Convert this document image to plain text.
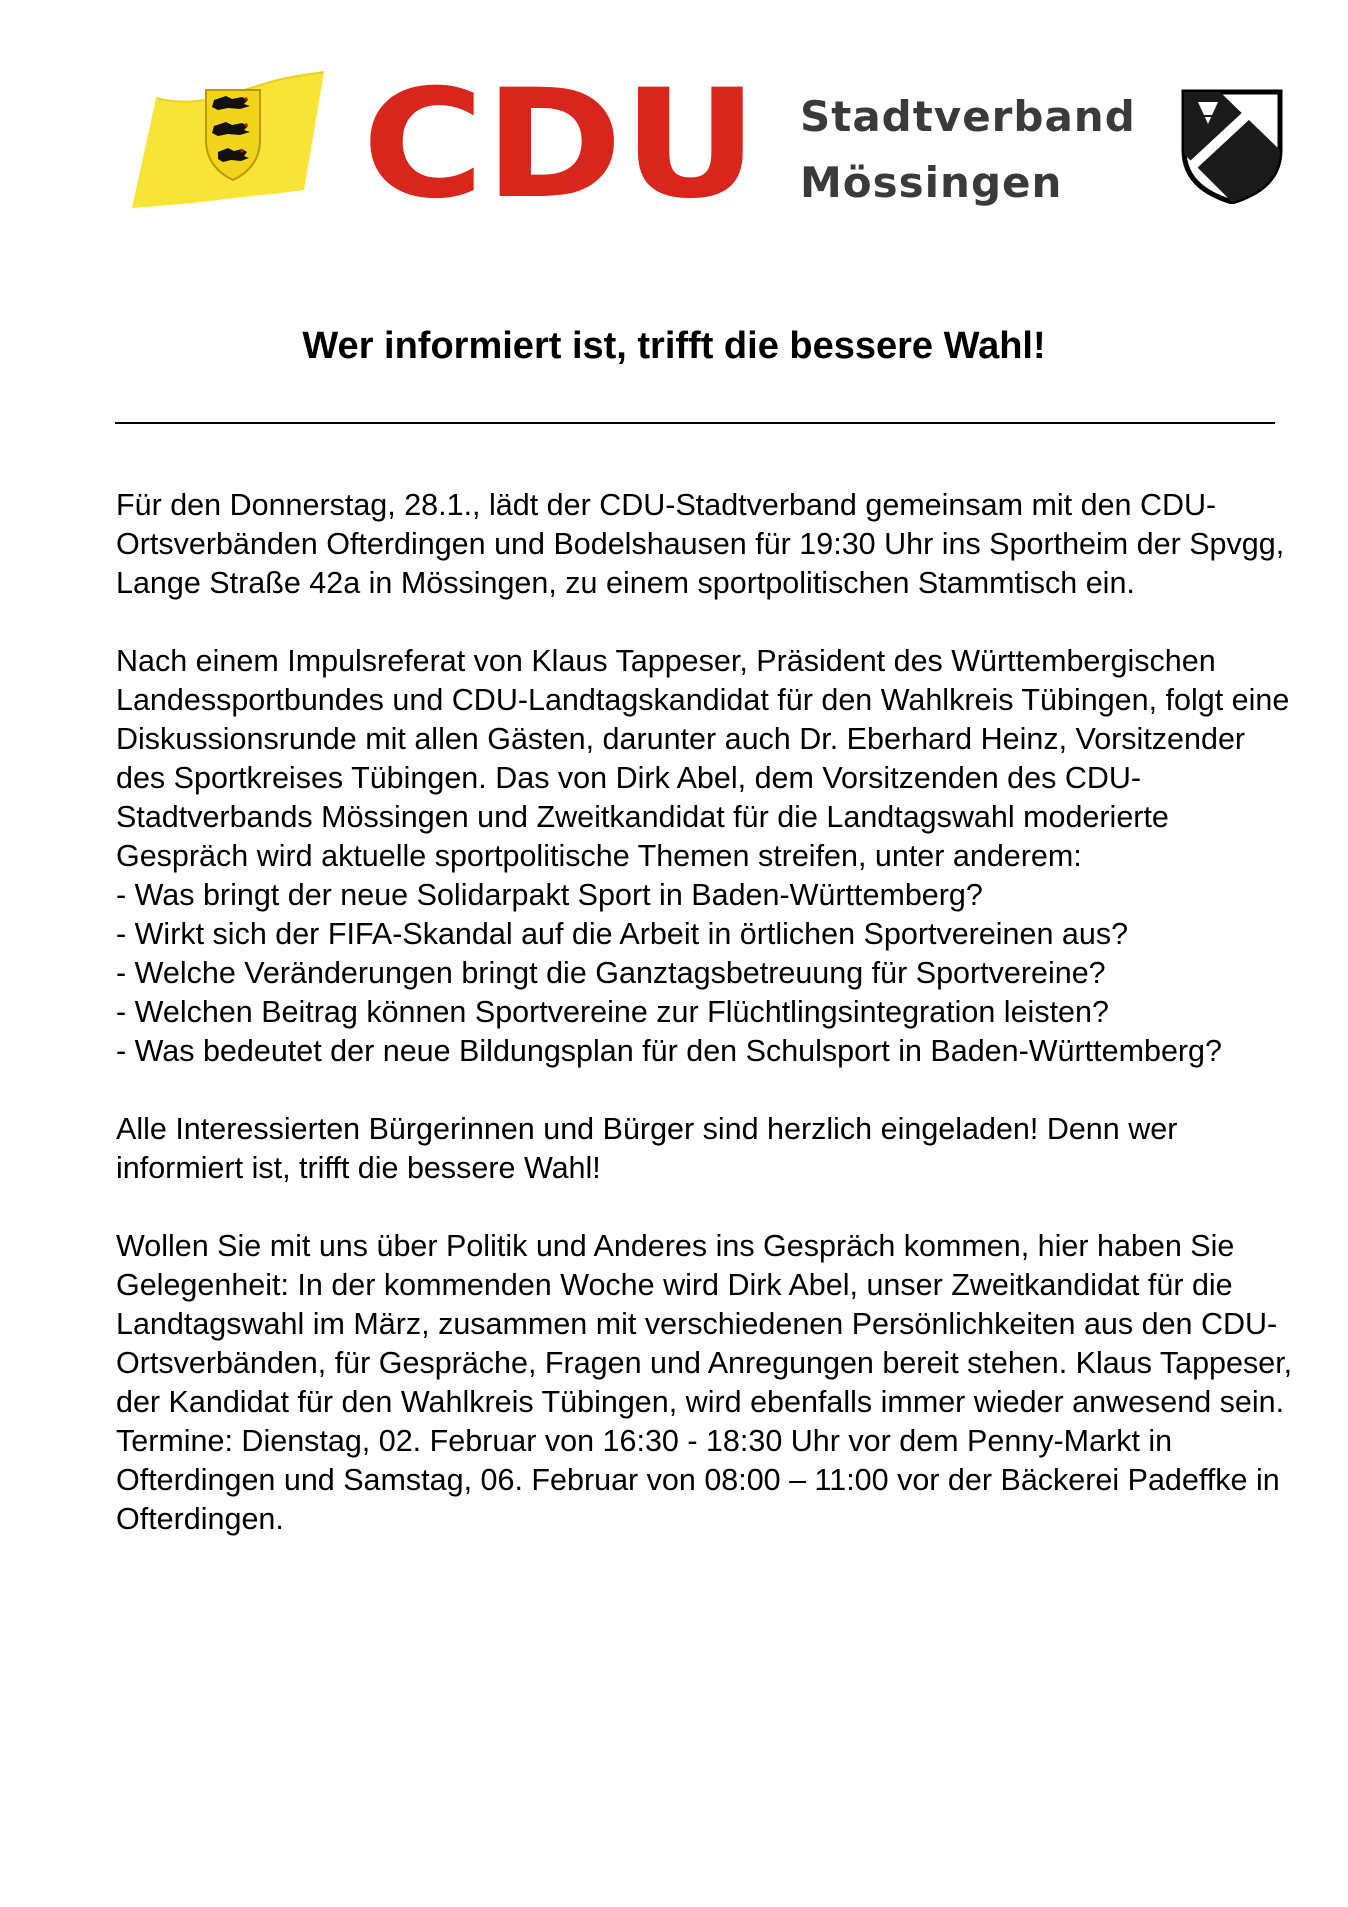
CDU Stadtverband
Mössingen
Wer informiert ist, trifft die bessere Wahl!

Für den Donnerstag, 28.1., lädt der CDU-Stadtverband gemeinsam mit den CDU-Ortsverbänden Ofterdingen und Bodelshausen für 19:30 Uhr ins Sportheim der Spvgg, Lange Straße 42a in Mössingen, zu einem sportpolitischen Stammtisch ein.

Nach einem Impulsreferat von Klaus Tappeser, Präsident des Württembergischen Landessportbundes und CDU-Landtagskandidat für den Wahlkreis Tübingen, folgt eine Diskussionsrunde mit allen Gästen, darunter auch Dr. Eberhard Heinz, Vorsitzender des Sportkreises Tübingen. Das von Dirk Abel, dem Vorsitzenden des CDU-Stadtverbands Mössingen und Zweitkandidat für die Landtagswahl moderierte Gespräch wird aktuelle sportpolitische Themen streifen, unter anderem:

- Was bringt der neue Solidarpakt Sport in Baden-Württemberg?
- Wirkt sich der FIFA-Skandal auf die Arbeit in örtlichen Sportvereinen aus?
- Welche Veränderungen bringt die Ganztagsbetreuung für Sportvereine?
- Welchen Beitrag können Sportvereine zur Flüchtlingsintegration leisten?
- Was bedeutet der neue Bildungsplan für den Schulsport in Baden-Württemberg?

Alle Interessierten Bürgerinnen und Bürger sind herzlich eingeladen! Denn wer informiert ist, trifft die bessere Wahl!

Wollen Sie mit uns über Politik und Anderes ins Gespräch kommen, hier haben Sie Gelegenheit: In der kommenden Woche wird Dirk Abel, unser Zweitkandidat für die Landtagswahl im März, zusammen mit verschiedenen Persönlichkeiten aus den CDU-Ortsverbänden, für Gespräche, Fragen und Anregungen bereit stehen. Klaus Tappeser, der Kandidat für den Wahlkreis Tübingen, wird ebenfalls immer wieder anwesend sein. Termine: Dienstag, 02. Februar von 16:30 - 18:30 Uhr vor dem Penny-Markt in Ofterdingen und Samstag, 06. Februar von 08:00 – 11:00 vor der Bäckerei Padeffke in Ofterdingen.
